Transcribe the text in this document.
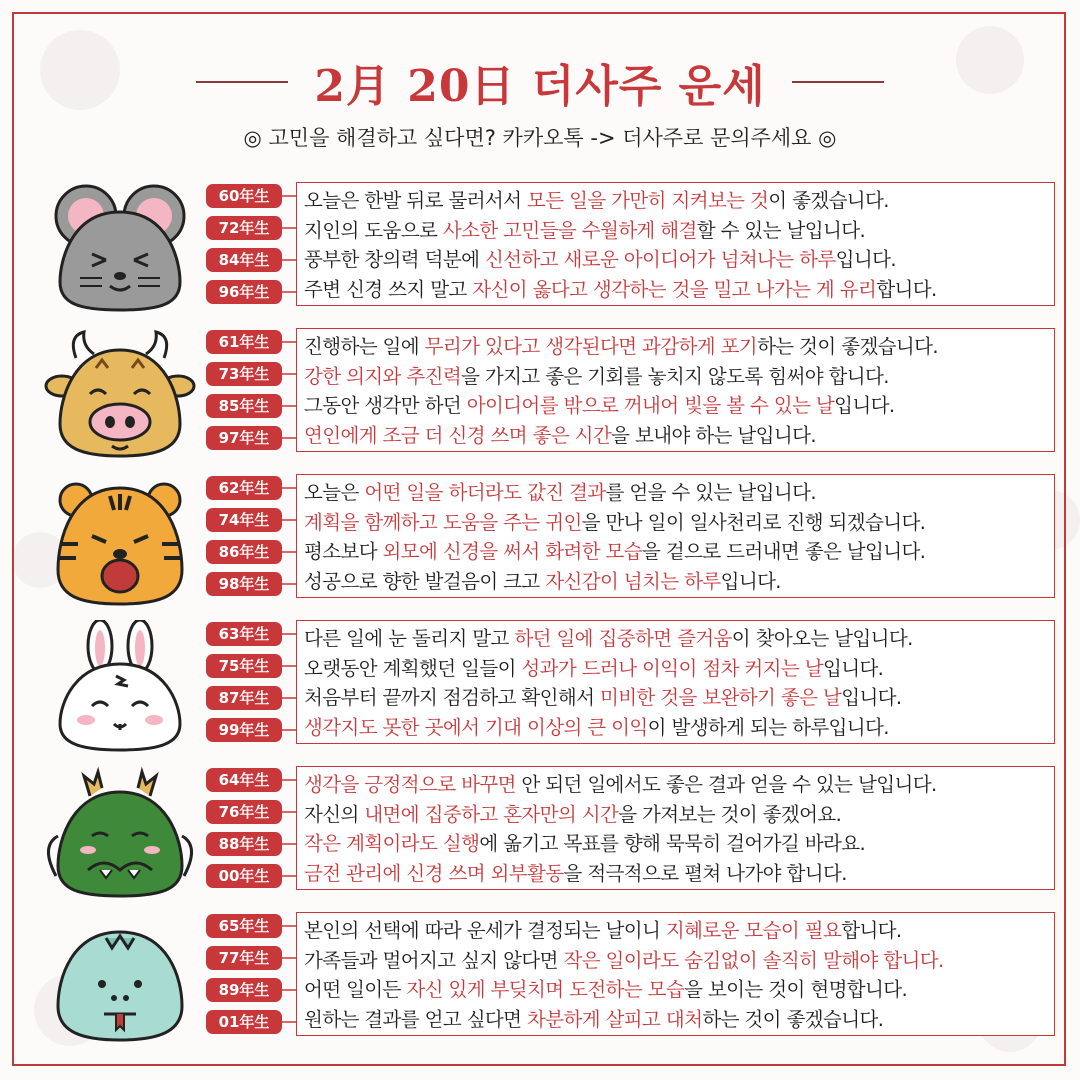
2月 20日 더사주 운세
◎ 고민을 해결하고 싶다면? 카카오톡 -> 더사주로 문의주세요 ◎
60年生
72年生
84年生
96年生
오늘은 한발 뒤로 물러서서 모든 일을 가만히 지켜보는 것이 좋겠습니다.
지인의 도움으로 사소한 고민들을 수월하게 해결할 수 있는 날입니다.
풍부한 창의력 덕분에 신선하고 새로운 아이디어가 넘쳐나는 하루입니다.
주변 신경 쓰지 말고 자신이 옳다고 생각하는 것을 밀고 나가는 게 유리합니다.
61年生
73年生
85年生
97年生
진행하는 일에 무리가 있다고 생각된다면 과감하게 포기하는 것이 좋겠습니다.
강한 의지와 추진력을 가지고 좋은 기회를 놓치지 않도록 힘써야 합니다.
그동안 생각만 하던 아이디어를 밖으로 꺼내어 빛을 볼 수 있는 날입니다.
연인에게 조금 더 신경 쓰며 좋은 시간을 보내야 하는 날입니다.
62年生
74年生
86年生
98年生
오늘은 어떤 일을 하더라도 값진 결과를 얻을 수 있는 날입니다.
계획을 함께하고 도움을 주는 귀인을 만나 일이 일사천리로 진행 되겠습니다.
평소보다 외모에 신경을 써서 화려한 모습을 겉으로 드러내면 좋은 날입니다.
성공으로 향한 발걸음이 크고 자신감이 넘치는 하루입니다.
63年生
75年生
87年生
99年生
다른 일에 눈 돌리지 말고 하던 일에 집중하면 즐거움이 찾아오는 날입니다.
오랫동안 계획했던 일들이 성과가 드러나 이익이 점차 커지는 날입니다.
처음부터 끝까지 점검하고 확인해서 미비한 것을 보완하기 좋은 날입니다.
생각지도 못한 곳에서 기대 이상의 큰 이익이 발생하게 되는 하루입니다.
64年生
76年生
88年生
00年生
생각을 긍정적으로 바꾸면 안 되던 일에서도 좋은 결과 얻을 수 있는 날입니다.
자신의 내면에 집중하고 혼자만의 시간을 가져보는 것이 좋겠어요.
작은 계획이라도 실행에 옮기고 목표를 향해 묵묵히 걸어가길 바라요.
금전 관리에 신경 쓰며 외부활동을 적극적으로 펼쳐 나가야 합니다.
65年生
77年生
89年生
01年生
본인의 선택에 따라 운세가 결정되는 날이니 지혜로운 모습이 필요합니다.
가족들과 멀어지고 싶지 않다면 작은 일이라도 숨김없이 솔직히 말해야 합니다.
어떤 일이든 자신 있게 부딪치며 도전하는 모습을 보이는 것이 현명합니다.
원하는 결과를 얻고 싶다면 차분하게 살피고 대처하는 것이 좋겠습니다.
